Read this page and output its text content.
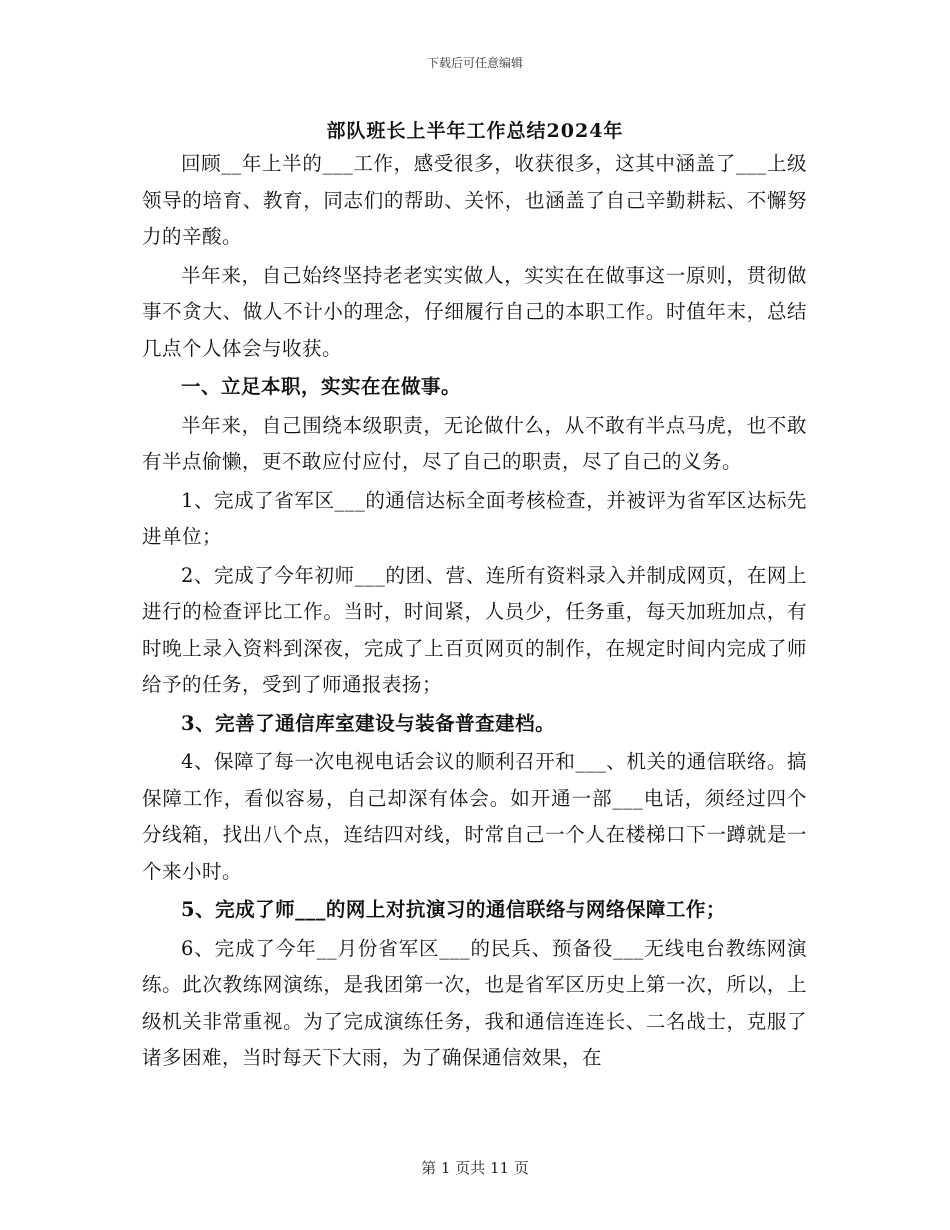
下载后可任意编辑
部队班长上半年工作总结2024年

回顾__年上半的___工作，感受很多，收获很多，这其中涵盖了___上级领导的培育、教育，同志们的帮助、关怀，也涵盖了自己辛勤耕耘、不懈努力的辛酸。

半年来，自己始终坚持老老实实做人，实实在在做事这一原则，贯彻做事不贪大、做人不计小的理念，仔细履行自己的本职工作。时值年末，总结几点个人体会与收获。

一、立足本职，实实在在做事。

半年来，自己围绕本级职责，无论做什么，从不敢有半点马虎，也不敢有半点偷懒，更不敢应付应付，尽了自己的职责，尽了自己的义务。

1、完成了省军区___的通信达标全面考核检查，并被评为省军区达标先进单位；

2、完成了今年初师___的团、营、连所有资料录入并制成网页，在网上进行的检查评比工作。当时，时间紧，人员少，任务重，每天加班加点，有时晚上录入资料到深夜，完成了上百页网页的制作，在规定时间内完成了师给予的任务，受到了师通报表扬；

3、完善了通信库室建设与装备普查建档。

4、保障了每一次电视电话会议的顺利召开和___、机关的通信联络。搞保障工作，看似容易，自己却深有体会。如开通一部___电话，须经过四个分线箱，找出八个点，连结四对线，时常自己一个人在楼梯口下一蹲就是一个来小时。

5、完成了师___的网上对抗演习的通信联络与网络保障工作；

6、完成了今年__月份省军区___的民兵、预备役___无线电台教练网演练。此次教练网演练，是我团第一次，也是省军区历史上第一次，所以，上级机关非常重视。为了完成演练任务，我和通信连连长、二名战士，克服了诸多困难，当时每天下大雨，为了确保通信效果，在

第 1 页共 11 页
